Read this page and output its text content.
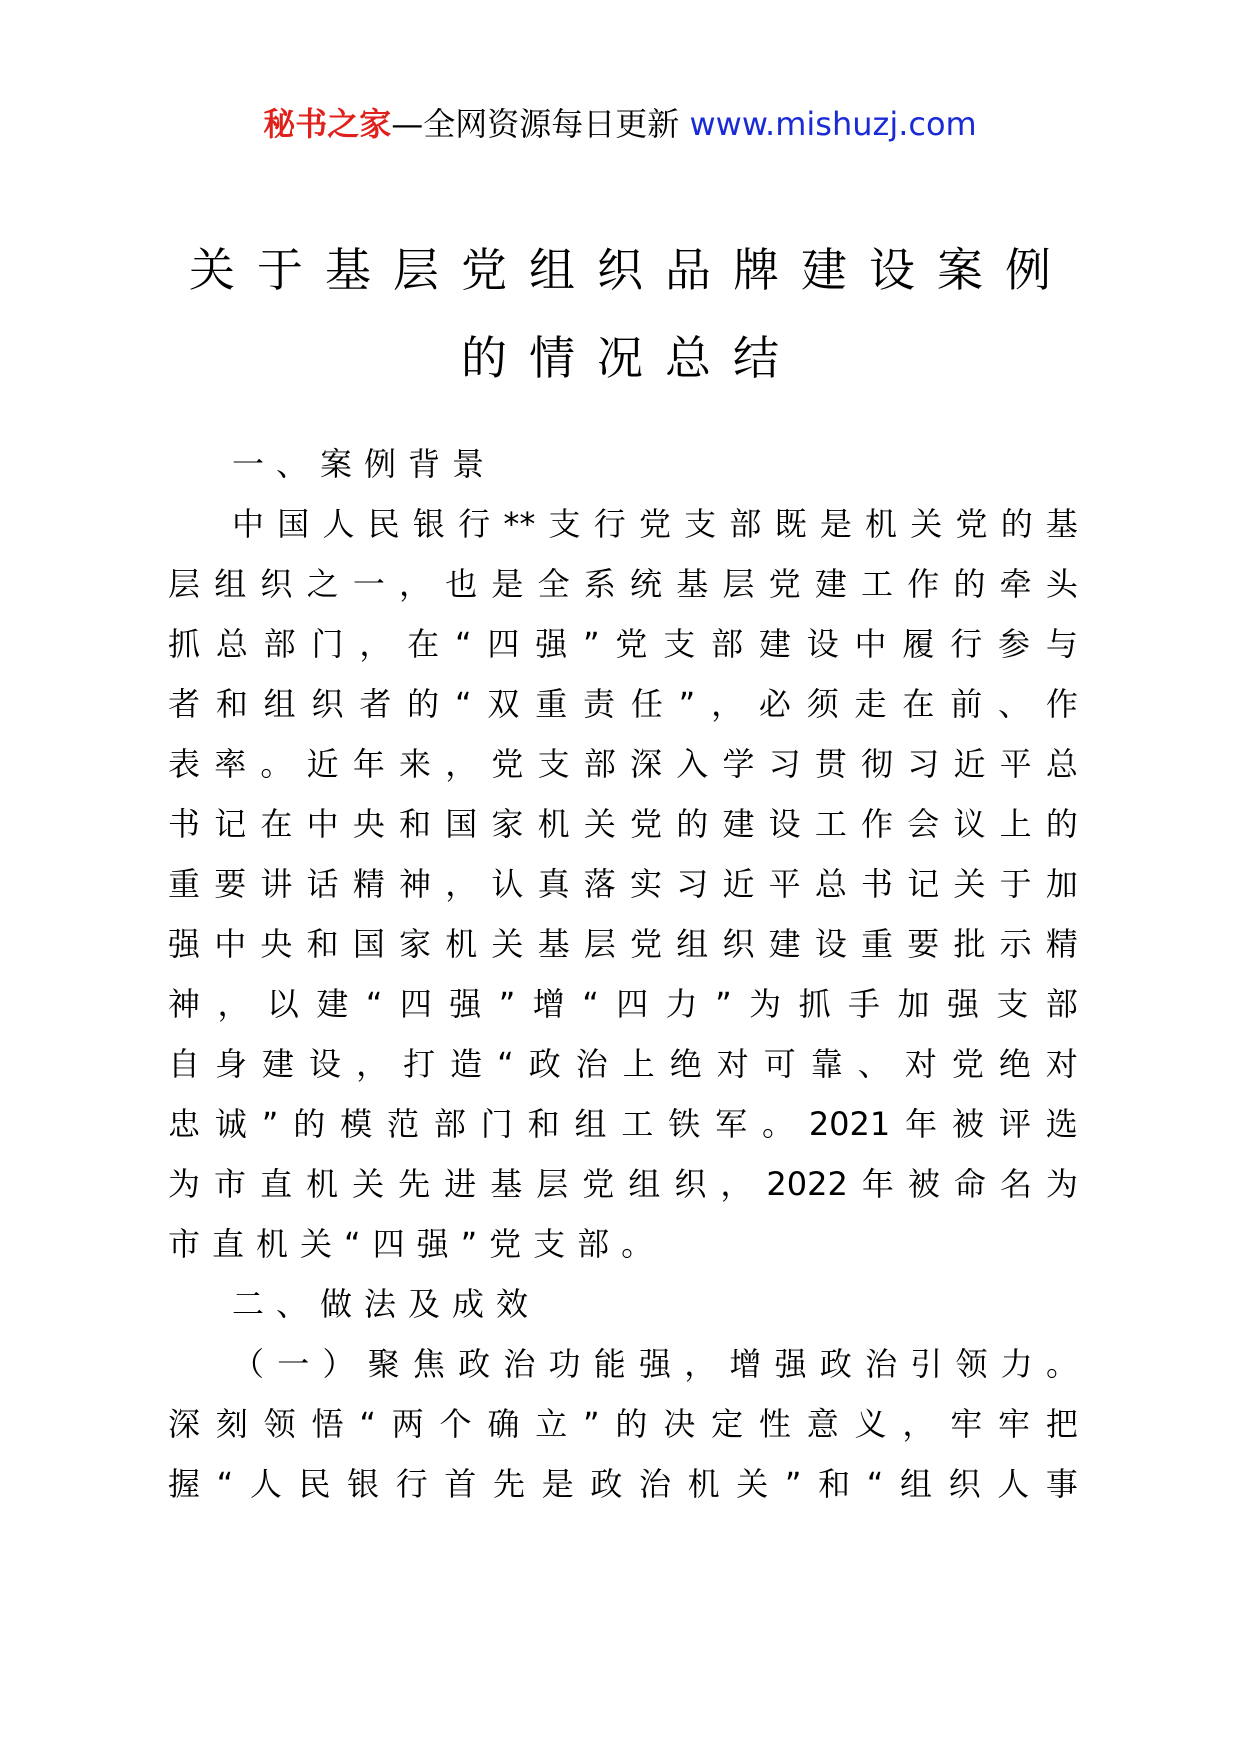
秘书之家—全网资源每日更新 www.mishuzj.com
关于基层党组织品牌建设案例
的情况总结
一、案例背景
中 国 人 民 银 行 ** 支 行 党 支 部 既 是 机 关 党 的 基
层 组 织 之 一 ， 也 是 全 系 统 基 层 党 建 工 作 的 牵 头
抓 总 部 门 ， 在 “ 四 强 ” 党 支 部 建 设 中 履 行 参 与
者 和 组 织 者 的 “ 双 重 责 任 ” ， 必 须 走 在 前 、 作
表 率 。 近 年 来 ， 党 支 部 深 入 学 习 贯 彻 习 近 平 总
书 记 在 中 央 和 国 家 机 关 党 的 建 设 工 作 会 议 上 的
重 要 讲 话 精 神 ， 认 真 落 实 习 近 平 总 书 记 关 于 加
强 中 央 和 国 家 机 关 基 层 党 组 织 建 设 重 要 批 示 精
神 ， 以 建 “ 四 强 ” 增 “ 四 力 ” 为 抓 手 加 强 支 部
自 身 建 设 ， 打 造 “ 政 治 上 绝 对 可 靠 、 对 党 绝 对
忠 诚 ” 的 模 范 部 门 和 组 工 铁 军 。 2021 年 被 评 选
为 市 直 机 关 先 进 基 层 党 组 织 ， 2022 年 被 命 名 为
市直机关“四强”党支部。
二、做法及成效
（ 一 ） 聚 焦 政 治 功 能 强 ， 增 强 政 治 引 领 力 。
深 刻 领 悟 “ 两 个 确 立 ” 的 决 定 性 意 义 ， 牢 牢 把
握 “ 人 民 银 行 首 先 是 政 治 机 关 ” 和 “ 组 织 人 事
